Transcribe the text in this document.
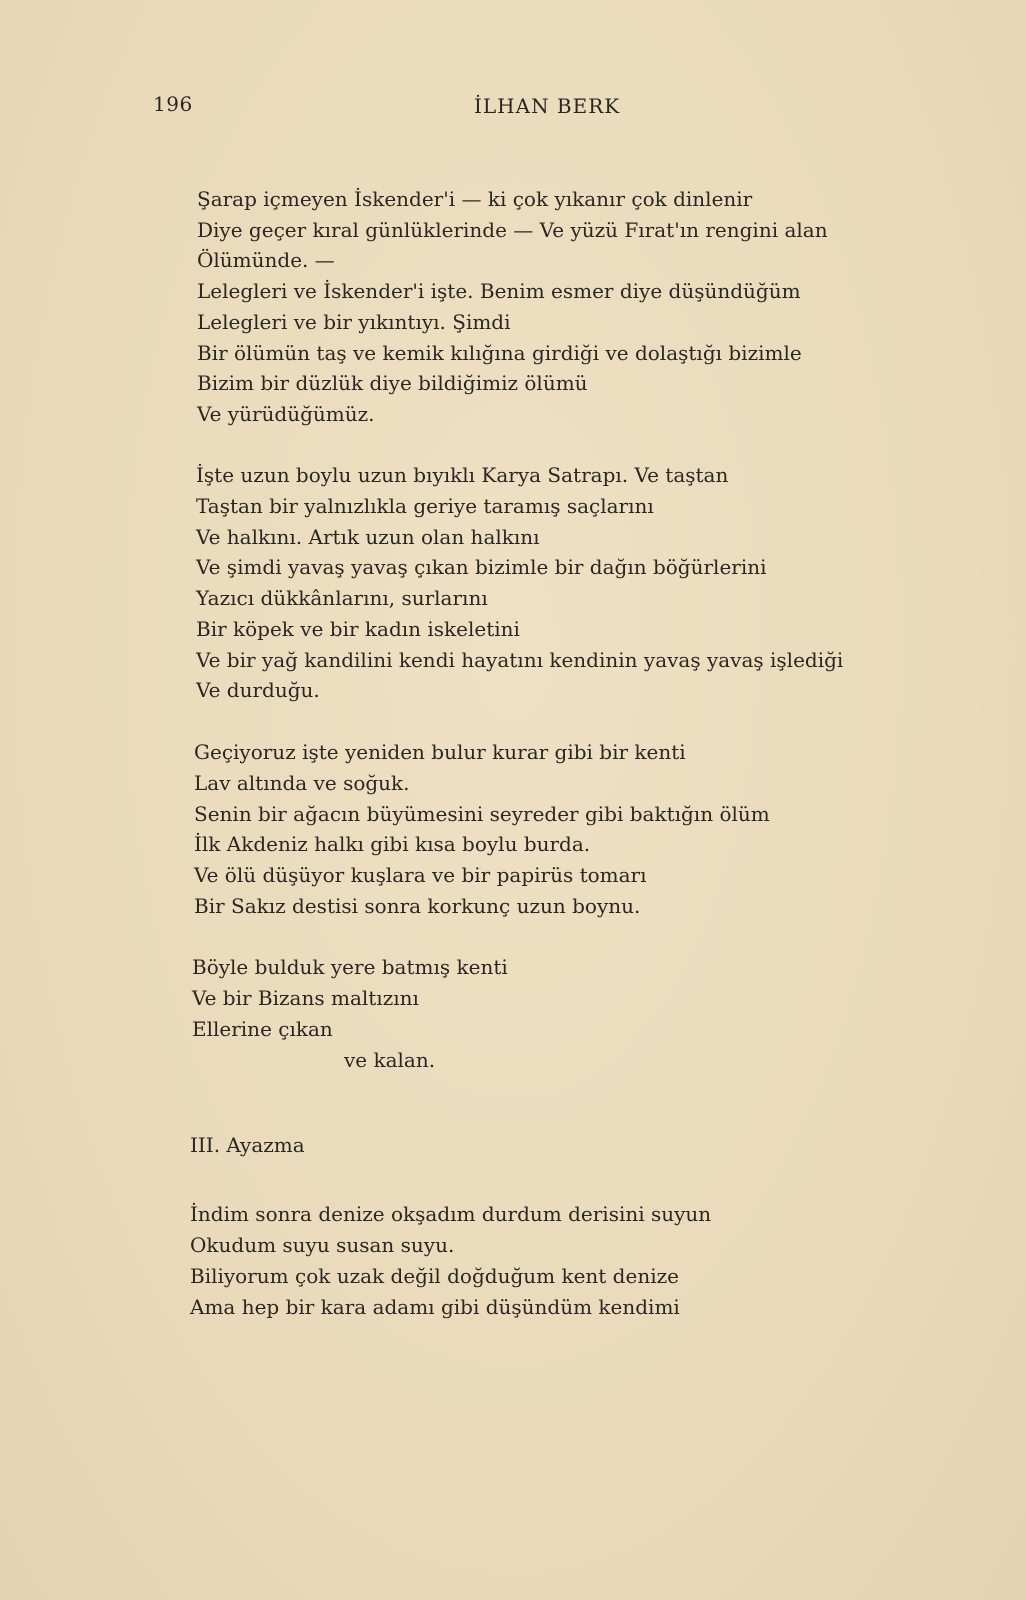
196	İLHAN BERK
Şarap içmeyen İskender'i — ki çok yıkanır çok dinlenir
Diye geçer kıral günlüklerinde — Ve yüzü Fırat'ın rengini alan
Ölümünde. —
Lelegleri ve İskender'i işte. Benim esmer diye düşündüğüm
Lelegleri ve bir yıkıntıyı. Şimdi
Bir ölümün taş ve kemik kılığına girdiği ve dolaştığı bizimle
Bizim bir düzlük diye bildiğimiz ölümü
Ve yürüdüğümüz.
İşte uzun boylu uzun bıyıklı Karya Satrapı. Ve taştan
Taştan bir yalnızlıkla geriye taramış saçlarını
Ve halkını. Artık uzun olan halkını
Ve şimdi yavaş yavaş çıkan bizimle bir dağın böğürlerini
Yazıcı dükkânlarını, surlarını
Bir köpek ve bir kadın iskeletini
Ve bir yağ kandilini kendi hayatını kendinin yavaş yavaş işlediği
Ve durduğu.
Geçiyoruz işte yeniden bulur kurar gibi bir kenti
Lav altında ve soğuk.
Senin bir ağacın büyümesini seyreder gibi baktığın ölüm
İlk Akdeniz halkı gibi kısa boylu burda.
Ve ölü düşüyor kuşlara ve bir papirüs tomarı
Bir Sakız destisi sonra korkunç uzun boynu.
Böyle bulduk yere batmış kenti
Ve bir Bizans maltızını
Ellerine çıkan
ve kalan.
III. Ayazma
İndim sonra denize okşadım durdum derisini suyun
Okudum suyu susan suyu.
Biliyorum çok uzak değil doğduğum kent denize
Ama hep bir kara adamı gibi düşündüm kendimi
